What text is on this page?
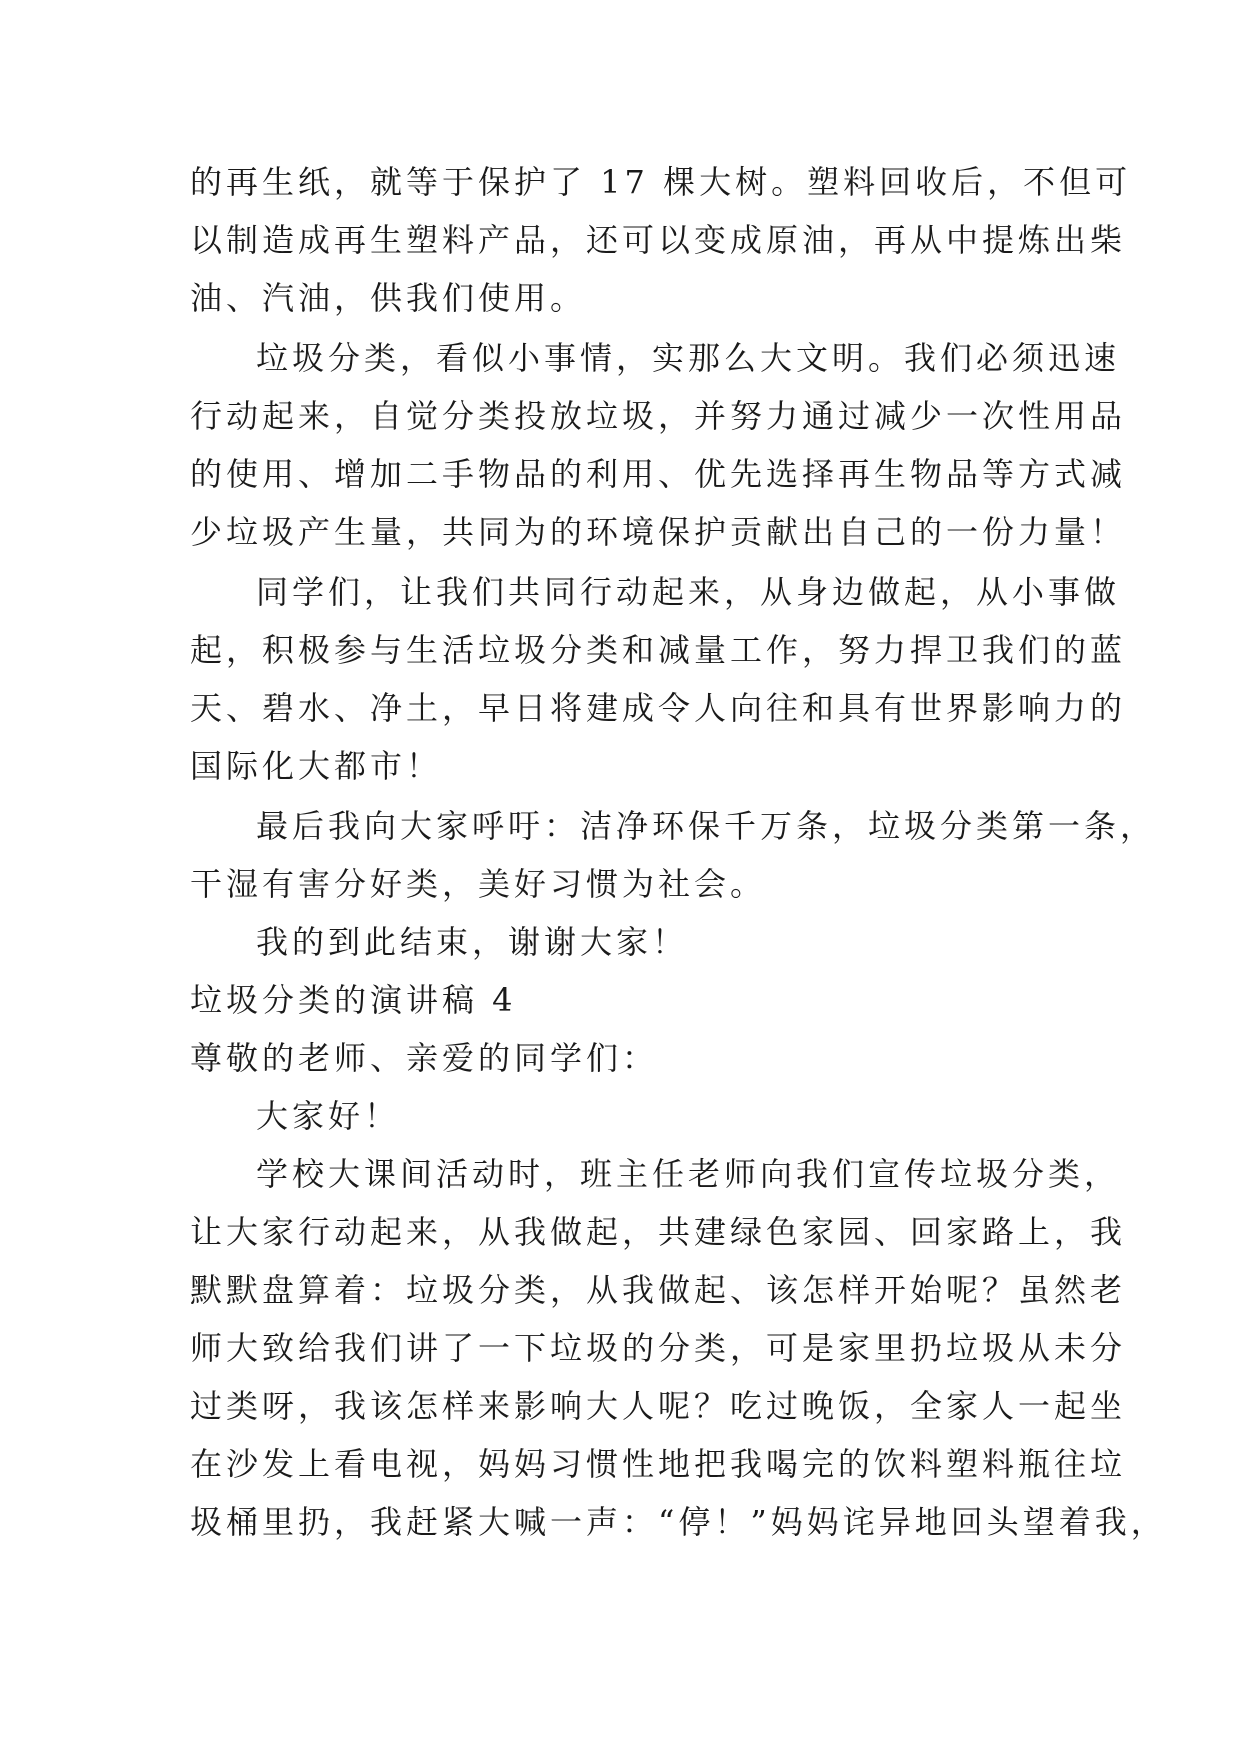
的再生纸，就等于保护了 17 棵大树。塑料回收后，不但可
以制造成再生塑料产品，还可以变成原油，再从中提炼出柴
油、汽油，供我们使用。
垃圾分类，看似小事情，实那么大文明。我们必须迅速
行动起来，自觉分类投放垃圾，并努力通过减少一次性用品
的使用、增加二手物品的利用、优先选择再生物品等方式减
少垃圾产生量，共同为的环境保护贡献出自己的一份力量！
同学们，让我们共同行动起来，从身边做起，从小事做
起，积极参与生活垃圾分类和减量工作，努力捍卫我们的蓝
天、碧水、净土，早日将建成令人向往和具有世界影响力的
国际化大都市！
最后我向大家呼吁：洁净环保千万条，垃圾分类第一条，
干湿有害分好类，美好习惯为社会。
我的到此结束，谢谢大家！
垃圾分类的演讲稿 4
尊敬的老师、亲爱的同学们：
大家好！
学校大课间活动时，班主任老师向我们宣传垃圾分类，
让大家行动起来，从我做起，共建绿色家园、回家路上，我
默默盘算着：垃圾分类，从我做起、该怎样开始呢？虽然老
师大致给我们讲了一下垃圾的分类，可是家里扔垃圾从未分
过类呀，我该怎样来影响大人呢？吃过晚饭，全家人一起坐
在沙发上看电视，妈妈习惯性地把我喝完的饮料塑料瓶往垃
圾桶里扔，我赶紧大喊一声：“停！”妈妈诧异地回头望着我，
